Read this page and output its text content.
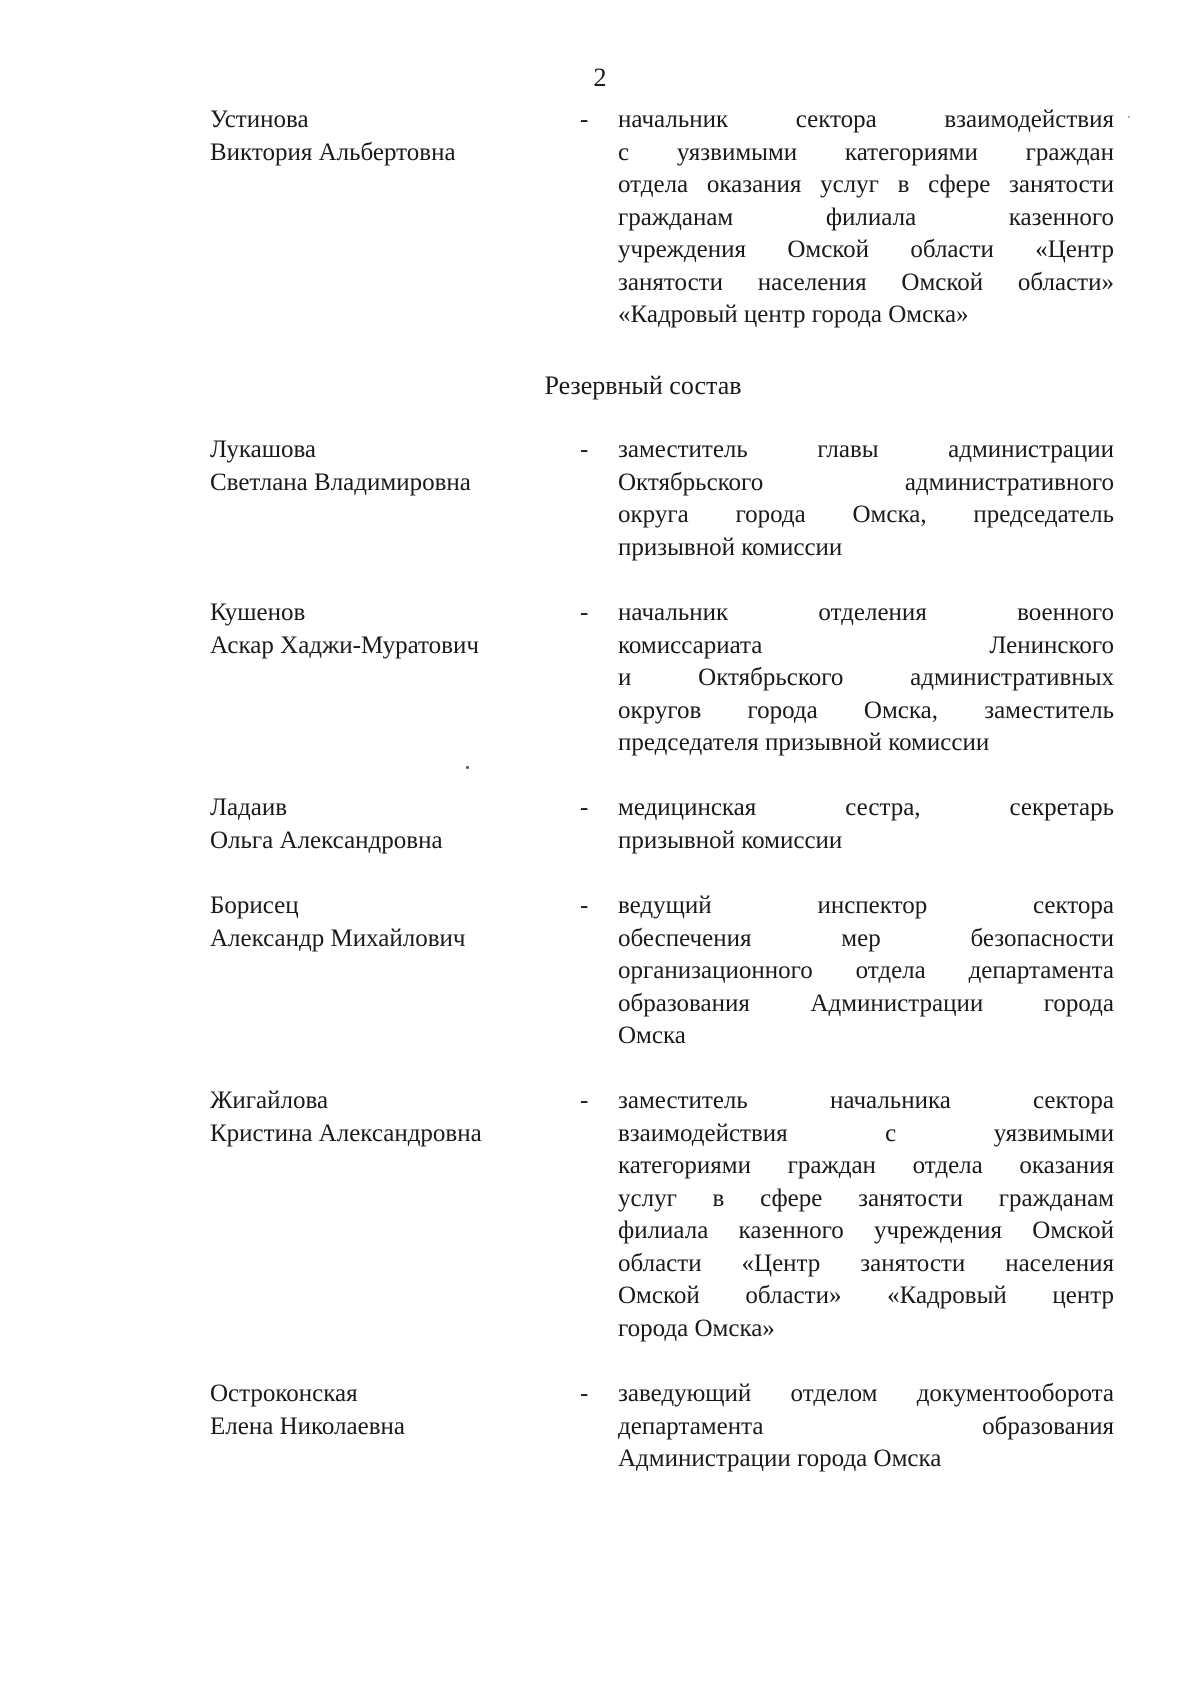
2
Устинова
Виктория Альбертовна
- начальник сектора взаимодействия
с уязвимыми категориями граждан
отдела оказания услуг в сфере занятости
гражданам филиала казенного
учреждения Омской области «Центр
занятости населения Омской области»
«Кадровый центр города Омска»
Резервный состав
Лукашова
Светлана Владимировна
- заместитель главы администрации
Октябрьского административного
округа города Омска, председатель
призывной комиссии
Кушенов
Аскар Хаджи-Муратович
- начальник отделения военного
комиссариата Ленинского
и Октябрьского административных
округов города Омска, заместитель
председателя призывной комиссии
Ладаив
Ольга Александровна
- медицинская сестра, секретарь
призывной комиссии
Борисец
Александр Михайлович
- ведущий инспектор сектора
обеспечения мер безопасности
организационного отдела департамента
образования Администрации города
Омска
Жигайлова
Кристина Александровна
- заместитель начальника сектора
взаимодействия с уязвимыми
категориями граждан отдела оказания
услуг в сфере занятости гражданам
филиала казенного учреждения Омской
области «Центр занятости населения
Омской области» «Кадровый центр
города Омска»
Остроконская
Елена Николаевна
- заведующий отделом документооборота
департамента образования
Администрации города Омска
